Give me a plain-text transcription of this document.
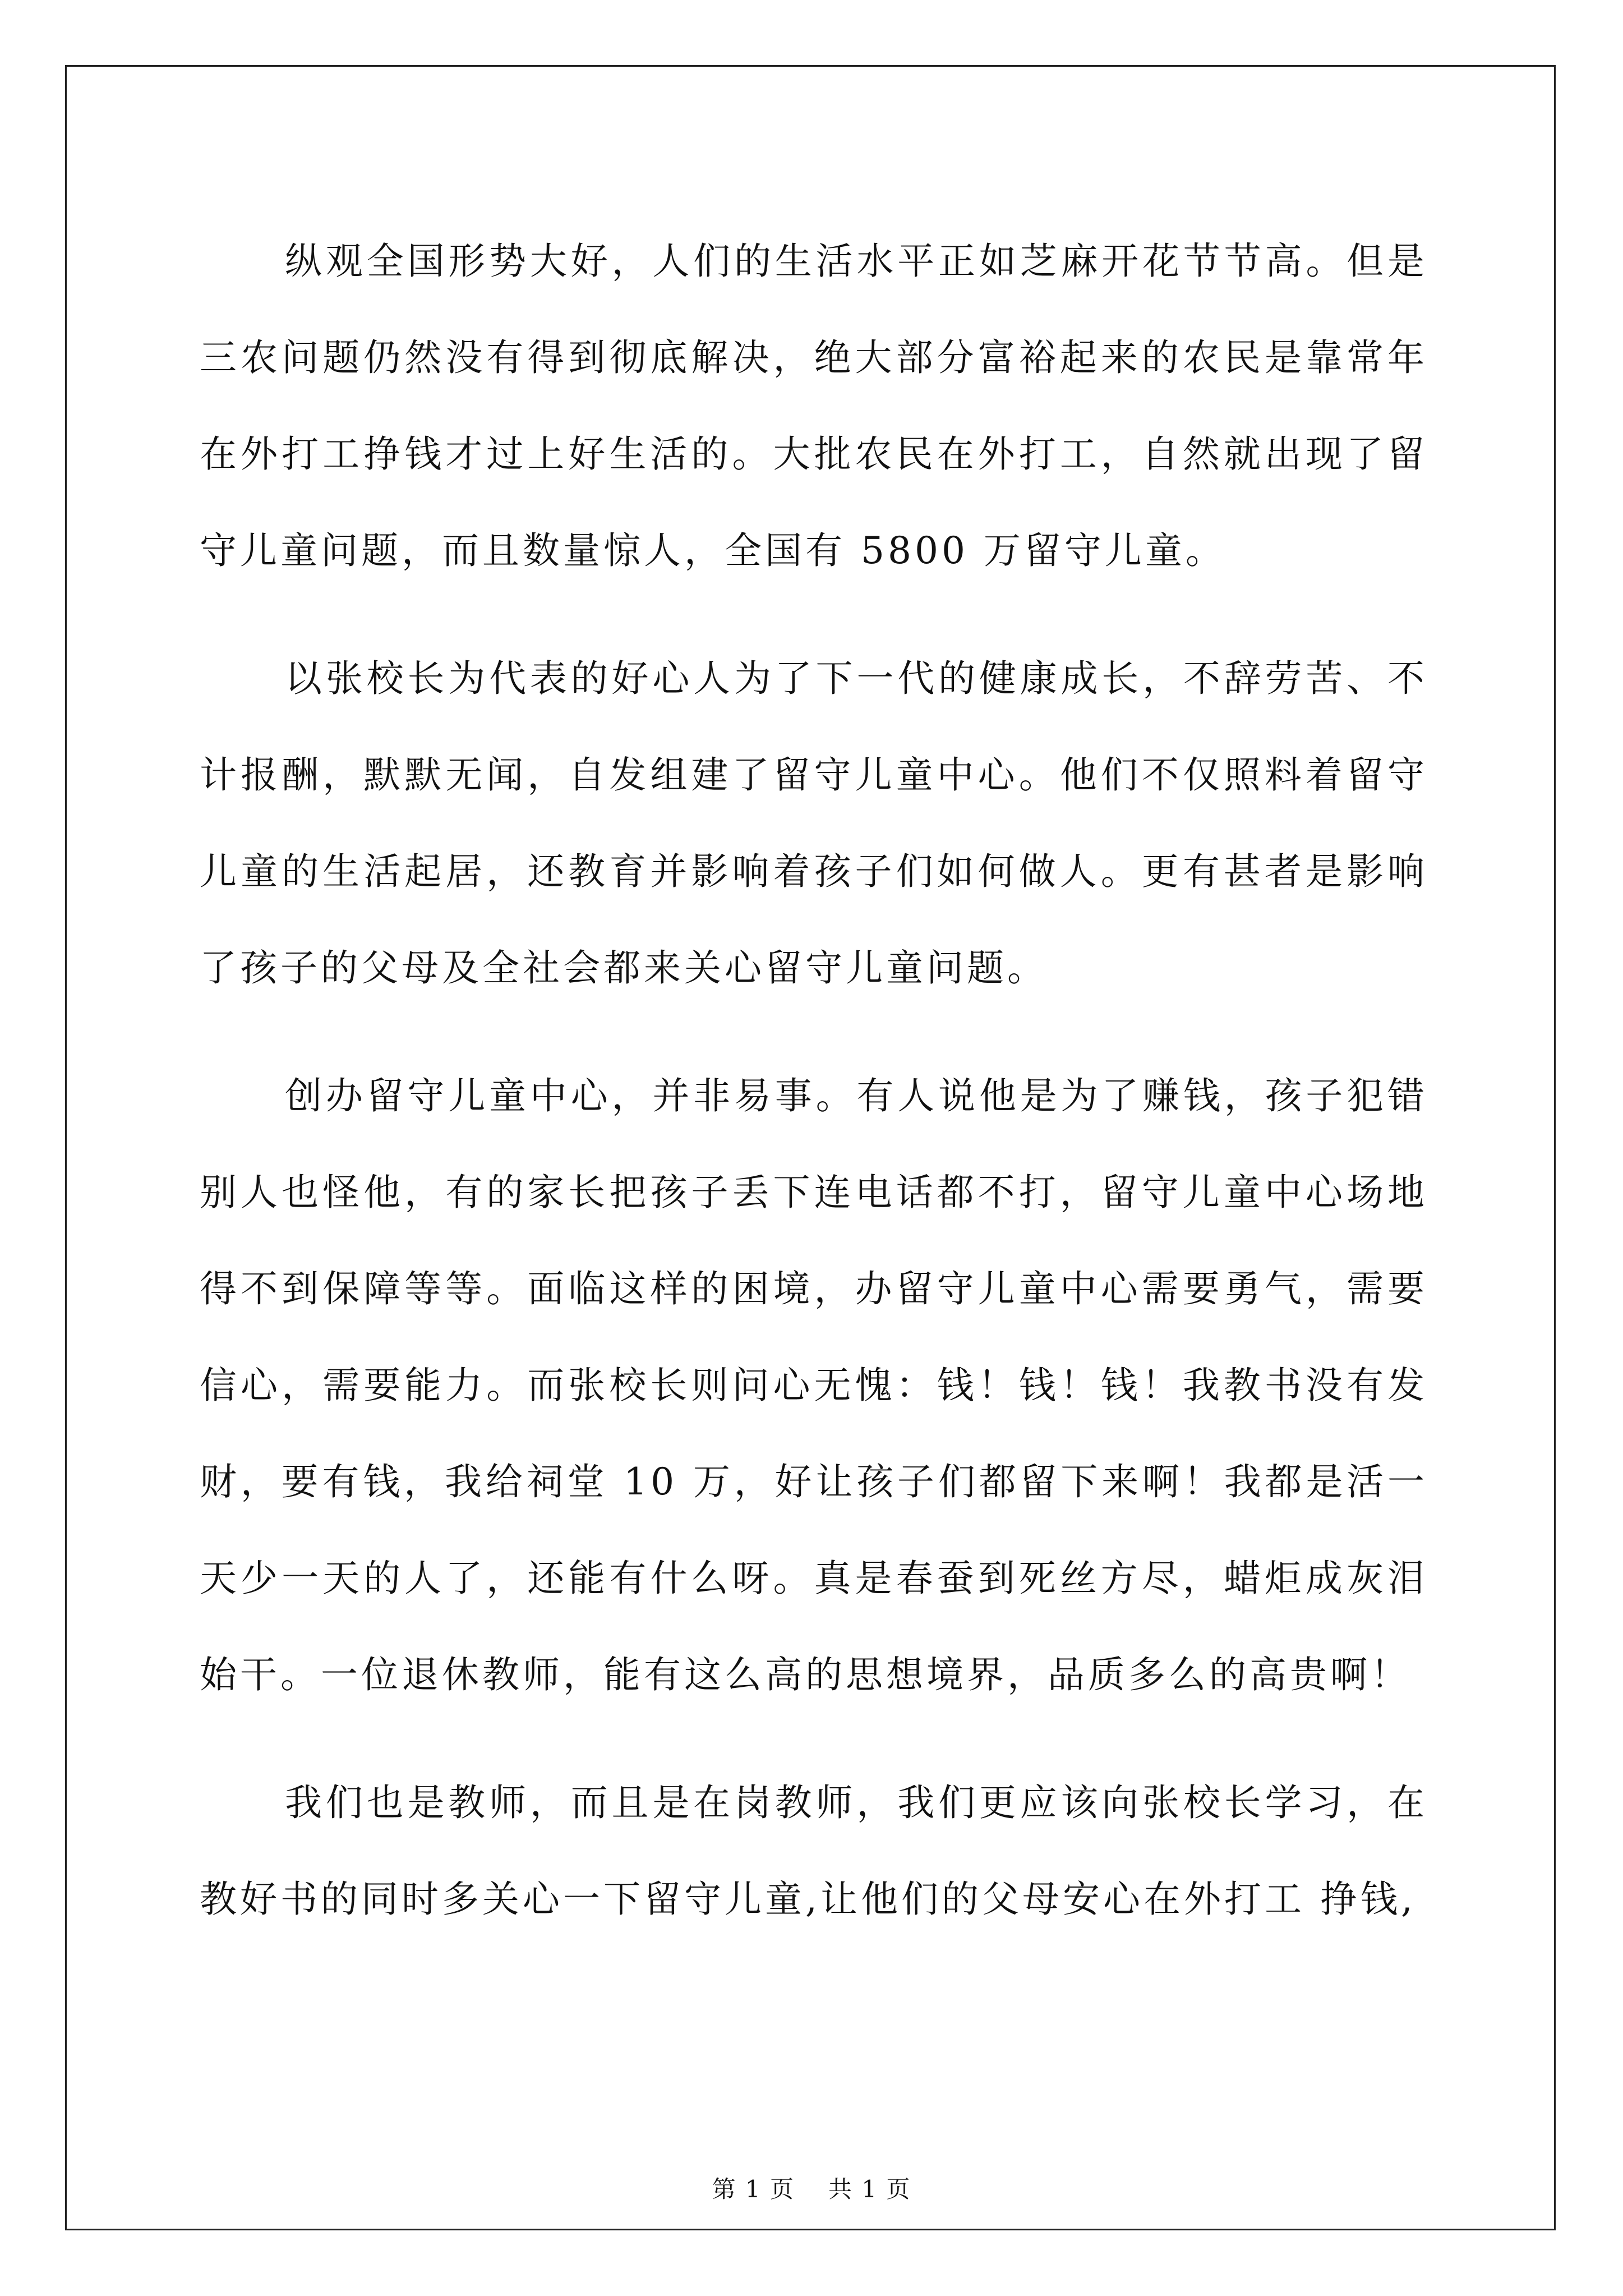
纵观全国形势大好，人们的生活水平正如芝麻开花节节高。但是三农问题仍然没有得到彻底解决，绝大部分富裕起来的农民是靠常年在外打工挣钱才过上好生活的。大批农民在外打工，自然就出现了留守儿童问题，而且数量惊人，全国有 5800 万留守儿童。

以张校长为代表的好心人为了下一代的健康成长，不辞劳苦、不计报酬，默默无闻，自发组建了留守儿童中心。他们不仅照料着留守儿童的生活起居，还教育并影响着孩子们如何做人。更有甚者是影响了孩子的父母及全社会都来关心留守儿童问题。

创办留守儿童中心，并非易事。有人说他是为了赚钱，孩子犯错别人也怪他，有的家长把孩子丢下连电话都不打，留守儿童中心场地得不到保障等等。面临这样的困境，办留守儿童中心需要勇气，需要信心，需要能力。而张校长则问心无愧：钱！钱！钱！我教书没有发财，要有钱，我给祠堂 10 万，好让孩子们都留下来啊！我都是活一天少一天的人了，还能有什么呀。真是春蚕到死丝方尽，蜡炬成灰泪始干。一位退休教师，能有这么高的思想境界，品质多么的高贵啊！

我们也是教师，而且是在岗教师，我们更应该向张校长学习，在教好书的同时多关心一下留守儿童,让他们的父母安心在外打工 挣钱,

第 1 页 共 1 页
